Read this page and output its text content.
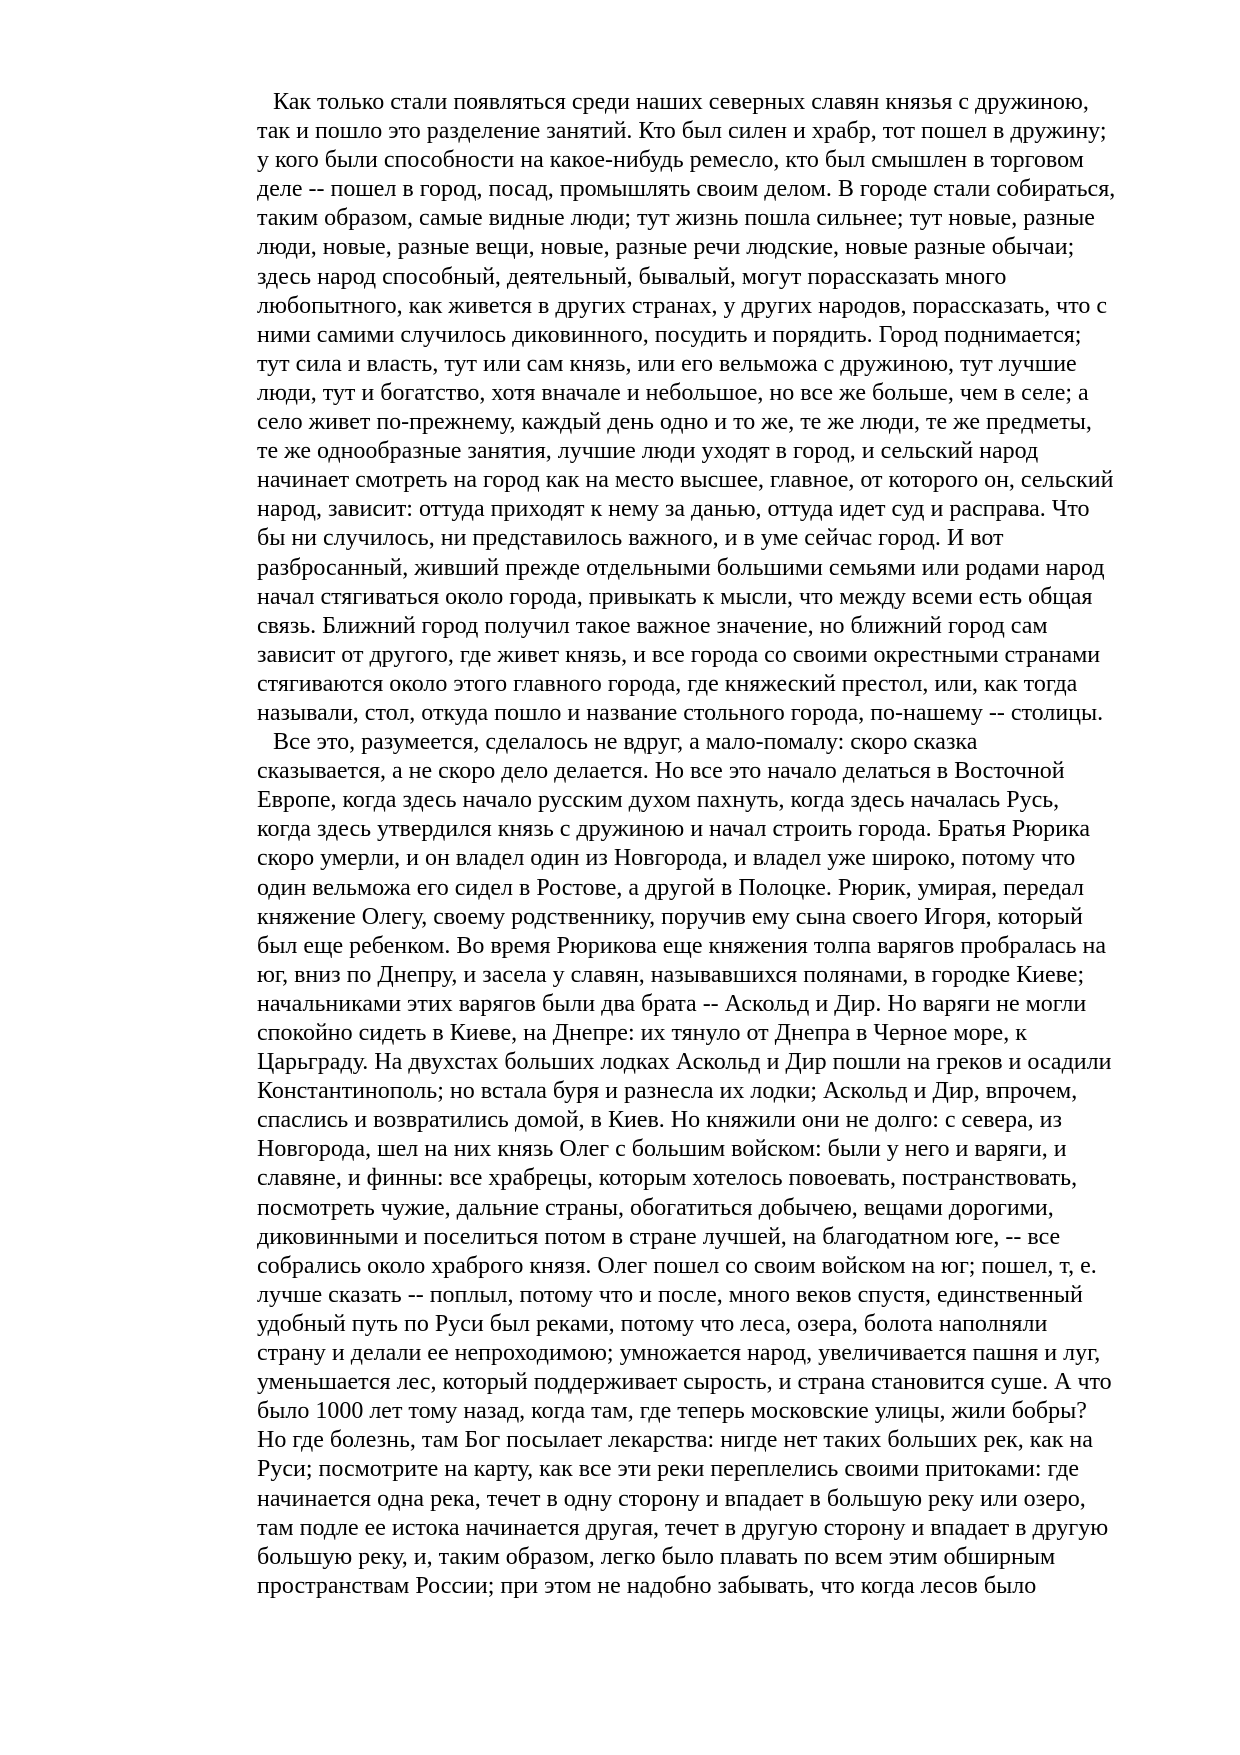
Как только стали появляться среди наших северных славян князья с дружиною,
так и пошло это разделение занятий. Кто был силен и храбр, тот пошел в дружину;
у кого были способности на какое-нибудь ремесло, кто был смышлен в торговом
деле -- пошел в город, посад, промышлять своим делом. В городе стали собираться,
таким образом, самые видные люди; тут жизнь пошла сильнее; тут новые, разные
люди, новые, разные вещи, новые, разные речи людские, новые разные обычаи;
здесь народ способный, деятельный, бывалый, могут порассказать много
любопытного, как живется в других странах, у других народов, порассказать, что с
ними самими случилось диковинного, посудить и порядить. Город поднимается;
тут сила и власть, тут или сам князь, или его вельможа с дружиною, тут лучшие
люди, тут и богатство, хотя вначале и небольшое, но все же больше, чем в селе; а
село живет по-прежнему, каждый день одно и то же, те же люди, те же предметы,
те же однообразные занятия, лучшие люди уходят в город, и сельский народ
начинает смотреть на город как на место высшее, главное, от которого он, сельский
народ, зависит: оттуда приходят к нему за данью, оттуда идет суд и расправа. Что
бы ни случилось, ни представилось важного, и в уме сейчас город. И вот
разбросанный, живший прежде отдельными большими семьями или родами народ
начал стягиваться около города, привыкать к мысли, что между всеми есть общая
связь. Ближний город получил такое важное значение, но ближний город сам
зависит от другого, где живет князь, и все города со своими окрестными странами
стягиваются около этого главного города, где княжеский престол, или, как тогда
называли, стол, откуда пошло и название стольного города, по-нашему -- столицы.

Все это, разумеется, сделалось не вдруг, а мало-помалу: скоро сказка
сказывается, а не скоро дело делается. Но все это начало делаться в Восточной
Европе, когда здесь начало русским духом пахнуть, когда здесь началась Русь,
когда здесь утвердился князь с дружиною и начал строить города. Братья Рюрика
скоро умерли, и он владел один из Новгорода, и владел уже широко, потому что
один вельможа его сидел в Ростове, а другой в Полоцке. Рюрик, умирая, передал
княжение Олегу, своему родственнику, поручив ему сына своего Игоря, который
был еще ребенком. Во время Рюрикова еще княжения толпа варягов пробралась на
юг, вниз по Днепру, и засела у славян, называвшихся полянами, в городке Киеве;
начальниками этих варягов были два брата -- Аскольд и Дир. Но варяги не могли
спокойно сидеть в Киеве, на Днепре: их тянуло от Днепра в Черное море, к
Царьграду. На двухстах больших лодках Аскольд и Дир пошли на греков и осадили
Константинополь; но встала буря и разнесла их лодки; Аскольд и Дир, впрочем,
спаслись и возвратились домой, в Киев. Но княжили они не долго: с севера, из
Новгорода, шел на них князь Олег с большим войском: были у него и варяги, и
славяне, и финны: все храбрецы, которым хотелось повоевать, постранствовать,
посмотреть чужие, дальние страны, обогатиться добычею, вещами дорогими,
диковинными и поселиться потом в стране лучшей, на благодатном юге, -- все
собрались около храброго князя. Олег пошел со своим войском на юг; пошел, т, е.
лучше сказать -- поплыл, потому что и после, много веков спустя, единственный
удобный путь по Руси был реками, потому что леса, озера, болота наполняли
страну и делали ее непроходимою; умножается народ, увеличивается пашня и луг,
уменьшается лес, который поддерживает сырость, и страна становится суше. А что
было 1000 лет тому назад, когда там, где теперь московские улицы, жили бобры?
Но где болезнь, там Бог посылает лекарства: нигде нет таких больших рек, как на
Руси; посмотрите на карту, как все эти реки переплелись своими притоками: где
начинается одна река, течет в одну сторону и впадает в большую реку или озеро,
там подле ее истока начинается другая, течет в другую сторону и впадает в другую
большую реку, и, таким образом, легко было плавать по всем этим обширным
пространствам России; при этом не надобно забывать, что когда лесов было
